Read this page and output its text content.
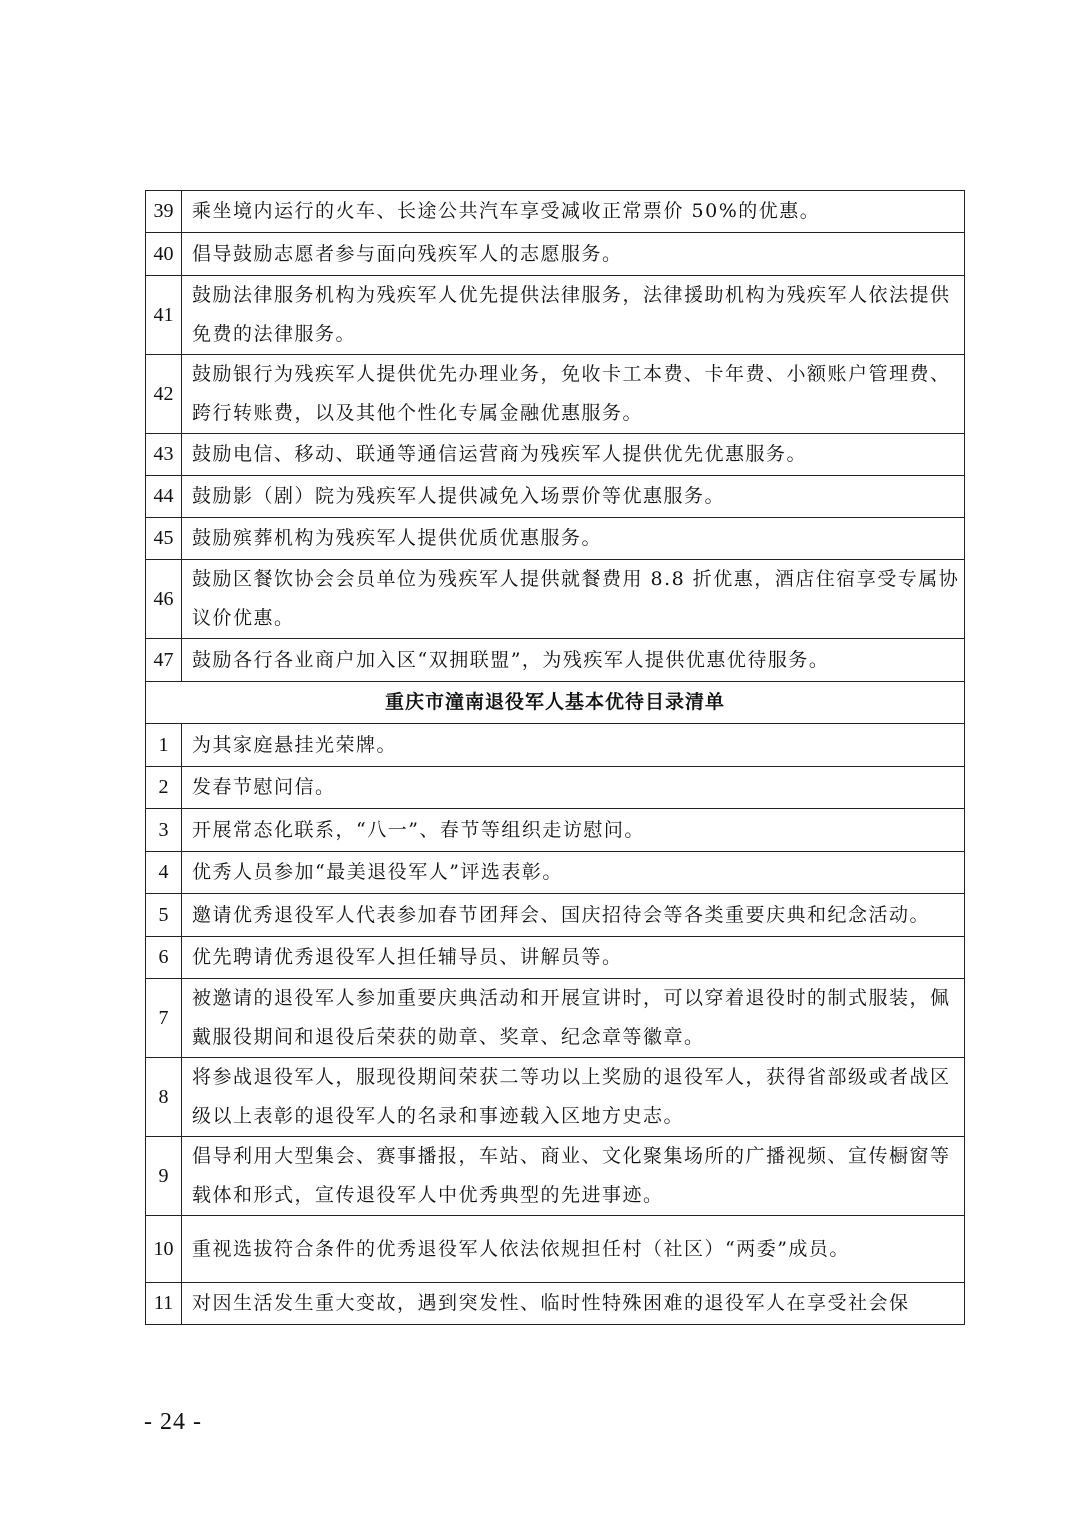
39	乘坐境内运行的火车、长途公共汽车享受减收正常票价 50%的优惠。
40	倡导鼓励志愿者参与面向残疾军人的志愿服务。
41	鼓励法律服务机构为残疾军人优先提供法律服务，法律援助机构为残疾军人依法提供免费的法律服务。
42	鼓励银行为残疾军人提供优先办理业务，免收卡工本费、卡年费、小额账户管理费、跨行转账费，以及其他个性化专属金融优惠服务。
43	鼓励电信、移动、联通等通信运营商为残疾军人提供优先优惠服务。
44	鼓励影（剧）院为残疾军人提供减免入场票价等优惠服务。
45	鼓励殡葬机构为残疾军人提供优质优惠服务。
46	鼓励区餐饮协会会员单位为残疾军人提供就餐费用 8.8 折优惠，酒店住宿享受专属协议价优惠。
47	鼓励各行各业商户加入区“双拥联盟”，为残疾军人提供优惠优待服务。
重庆市潼南退役军人基本优待目录清单	
1	为其家庭悬挂光荣牌。
2	发春节慰问信。
3	开展常态化联系，“八一”、春节等组织走访慰问。
4	优秀人员参加“最美退役军人”评选表彰。
5	邀请优秀退役军人代表参加春节团拜会、国庆招待会等各类重要庆典和纪念活动。
6	优先聘请优秀退役军人担任辅导员、讲解员等。
7	被邀请的退役军人参加重要庆典活动和开展宣讲时，可以穿着退役时的制式服装，佩戴服役期间和退役后荣获的勋章、奖章、纪念章等徽章。
8	将参战退役军人，服现役期间荣获二等功以上奖励的退役军人，获得省部级或者战区级以上表彰的退役军人的名录和事迹载入区地方史志。
9	倡导利用大型集会、赛事播报，车站、商业、文化聚集场所的广播视频、宣传橱窗等载体和形式，宣传退役军人中优秀典型的先进事迹。
10	重视选拔符合条件的优秀退役军人依法依规担任村（社区）“两委”成员。
11	对因生活发生重大变故，遇到突发性、临时性特殊困难的退役军人在享受社会保
- 24 -
